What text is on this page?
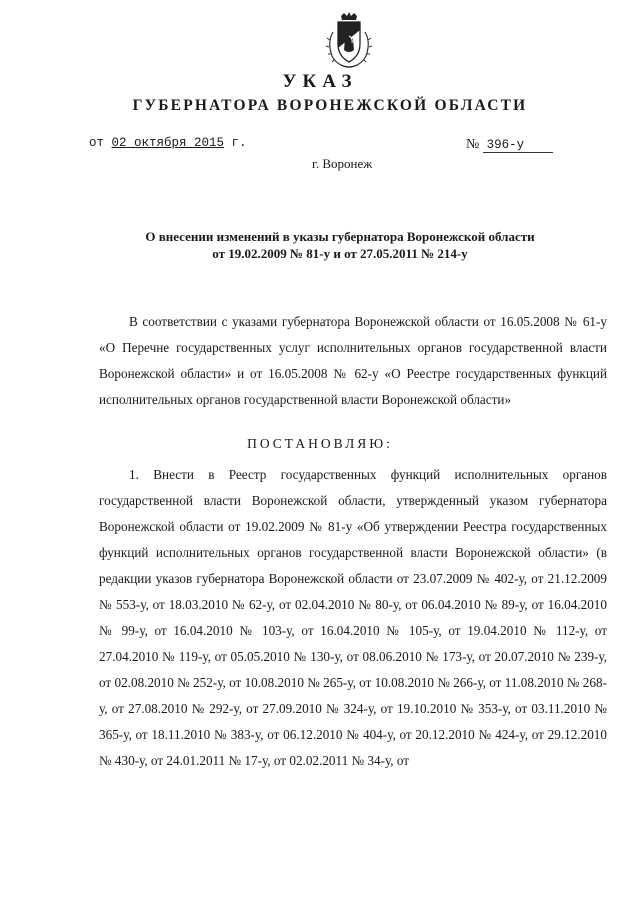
УКАЗ
ГУБЕРНАТОРА ВОРОНЕЖСКОЙ ОБЛАСТИ
от 02 октября 2015 г.	№ 396-у
г. Воронеж
О внесении изменений в указы губернатора Воронежской области
от 19.02.2009 № 81-у и от 27.05.2011 № 214-у

В соответствии с указами губернатора Воронежской области от 16.05.2008 № 61-у «О Перечне государственных услуг исполнительных органов государственной власти Воронежской области» и от 16.05.2008 № 62-у «О Реестре государственных функций исполнительных органов государственной власти Воронежской области»

ПОСТАНОВЛЯЮ:

1. Внести в Реестр государственных функций исполнительных органов государственной власти Воронежской области, утвержденный указом губернатора Воронежской области от 19.02.2009 № 81-у «Об утверждении Реестра государственных функций исполнительных органов государственной власти Воронежской области» (в редакции указов губернатора Воронежской области от 23.07.2009 № 402-у, от 21.12.2009 № 553-у, от 18.03.2010 № 62-у, от 02.04.2010 № 80-у, от 06.04.2010 № 89-у, от 16.04.2010 № 99-у, от 16.04.2010 № 103-у, от 16.04.2010 № 105-у, от 19.04.2010 № 112-у, от 27.04.2010 № 119-у, от 05.05.2010 № 130-у, от 08.06.2010 № 173-у, от 20.07.2010 № 239-у, от 02.08.2010 № 252-у, от 10.08.2010 № 265-у, от 10.08.2010 № 266-у, от 11.08.2010 № 268-у, от 27.08.2010 № 292-у, от 27.09.2010 № 324-у, от 19.10.2010 № 353-у, от 03.11.2010 № 365-у, от 18.11.2010 № 383-у, от 06.12.2010 № 404-у, от 20.12.2010 № 424-у, от 29.12.2010 № 430-у, от 24.01.2011 № 17-у, от 02.02.2011 № 34-у, от
